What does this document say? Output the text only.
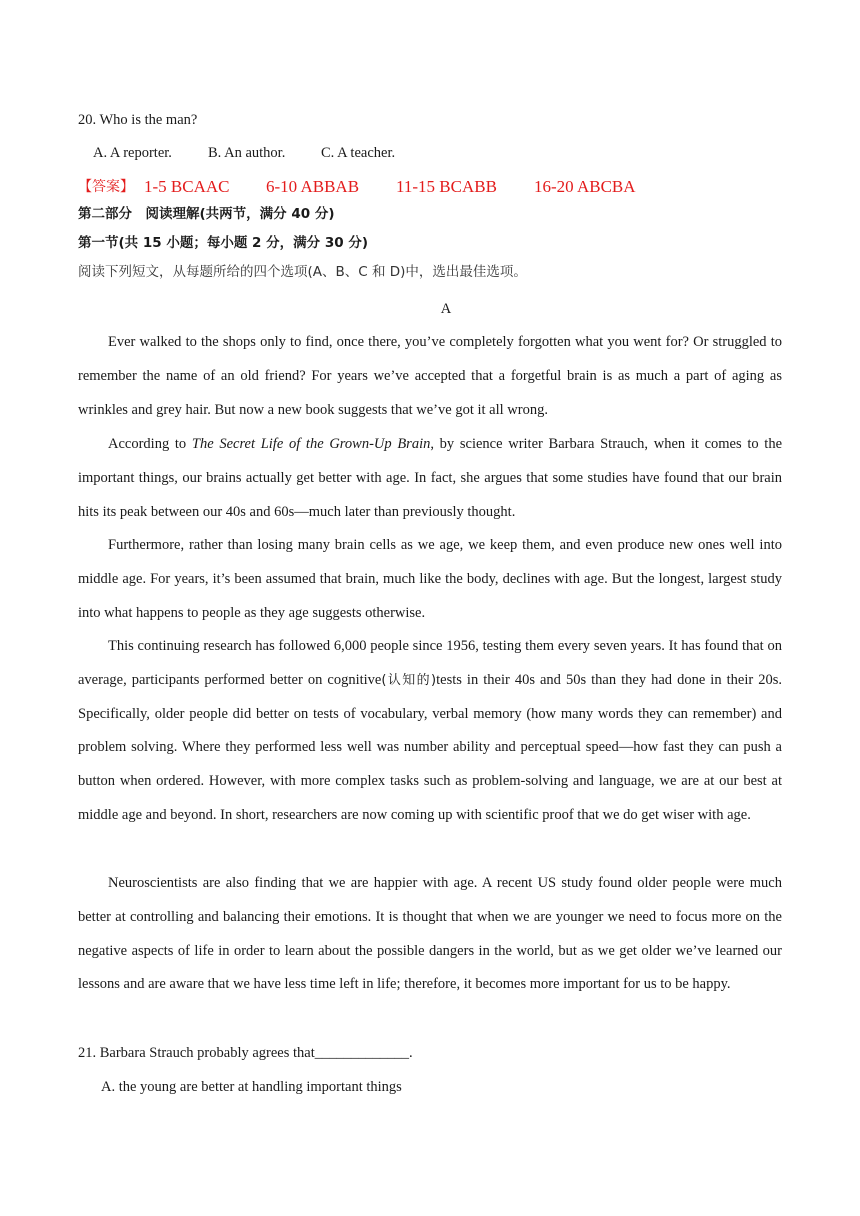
20. Who is the man?
A. A reporter.	B. An author.	C. A teacher.
【答案】 1-5 BCAAC	6-10 ABBAB	11-15 BCABB	16-20 ABCBA
第二部分　阅读理解(共两节，满分 40 分)
第一节(共 15 小题；每小题 2 分，满分 30 分)
阅读下列短文，从每题所给的四个选项(A、B、C 和 D)中，选出最佳选项。
A
Ever walked to the shops only to find, once there, you’ve completely forgotten what you went for? Or struggled to remember the name of an old friend? For years we’ve accepted that a forgetful brain is as much a part of aging as wrinkles and grey hair. But now a new book suggests that we’ve got it all wrong.
According to The Secret Life of the Grown-Up Brain, by science writer Barbara Strauch, when it comes to the important things, our brains actually get better with age. In fact, she argues that some studies have found that our brain hits its peak between our 40s and 60s—much later than previously thought.
Furthermore, rather than losing many brain cells as we age, we keep them, and even produce new ones well into middle age. For years, it’s been assumed that brain, much like the body, declines with age. But the longest, largest study into what happens to people as they age suggests otherwise.
This continuing research has followed 6,000 people since 1956, testing them every seven years. It has found that on average, participants performed better on cognitive(认知的)tests in their 40s and 50s than they had done in their 20s. Specifically, older people did better on tests of vocabulary, verbal memory (how many words they can remember) and problem solving. Where they performed less well was number ability and perceptual speed—how fast they can push a button when ordered. However, with more complex tasks such as problem-solving and language, we are at our best at middle age and beyond. In short, researchers are now coming up with scientific proof that we do get wiser with age.
Neuroscientists are also finding that we are happier with age. A recent US study found older people were much better at controlling and balancing their emotions. It is thought that when we are younger we need to focus more on the negative aspects of life in order to learn about the possible dangers in the world, but as we get older we’ve learned our lessons and are aware that we have less time left in life; therefore, it becomes more important for us to be happy.
21. Barbara Strauch probably agrees that_____________.
A. the young are better at handling important things
